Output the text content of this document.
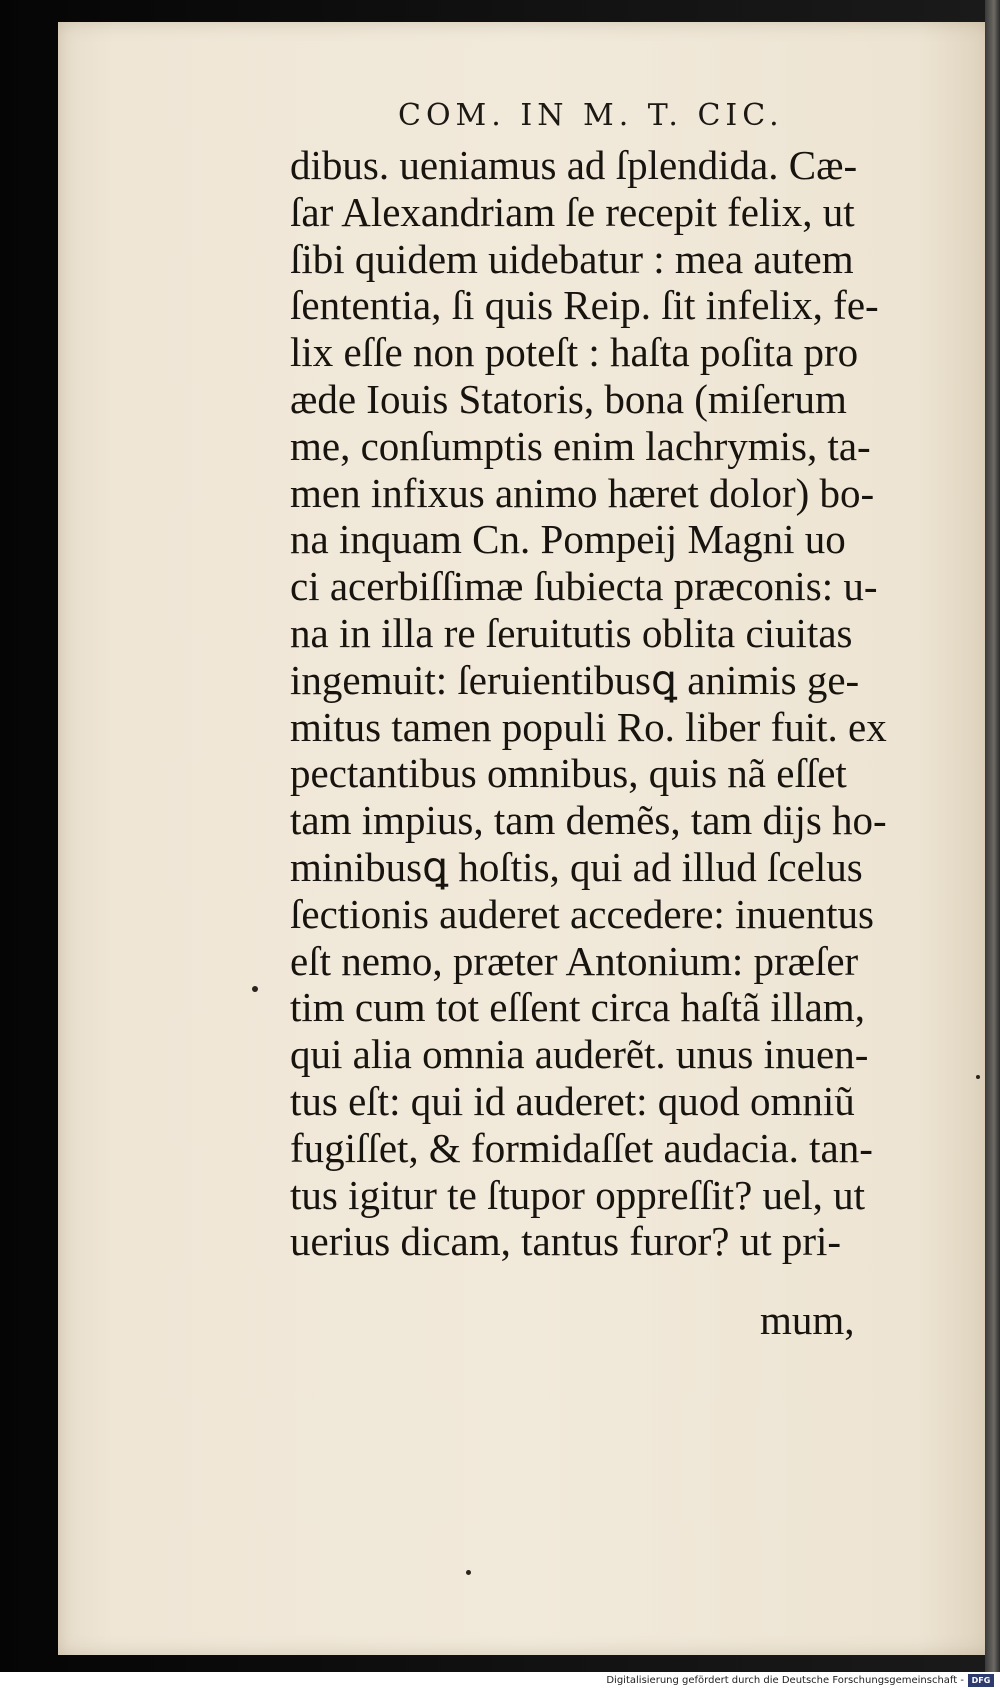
COM. IN M. T. CIC.
dibus. ueniamus ad ſplendida. Cæ-
ſar Alexandriam ſe recepit felix, ut
ſibi quidem uidebatur : mea autem
ſententia, ſi quis Reip. ſit infelix, fe-
lix eſſe non poteſt : haſta poſita pro
æde Iouis Statoris, bona (miſerum
me, conſumptis enim lachrymis, ta-
men infixus animo hæret dolor) bo-
na inquam Cn. Pompeij Magni uo
ci acerbiſſimæ ſubiecta præconis: u-
na in illa re ſeruitutis oblita ciuitas
ingemuit: ſeruientibusꝗ animis ge-
mitus tamen populi Ro. liber fuit. ex
pectantibus omnibus, quis nã eſſet
tam impius, tam demẽs, tam dijs ho-
minibusꝗ hoſtis, qui ad illud ſcelus
ſectionis auderet accedere: inuentus
eſt nemo, præter Antonium: præſer
tim cum tot eſſent circa haſtã illam,
qui alia omnia auderẽt. unus inuen-
tus eſt: qui id auderet: quod omniũ
fugiſſet, & formidaſſet audacia. tan-
tus igitur te ſtupor oppreſſit? uel, ut
uerius dicam, tantus furor? ut pri-
mum,
Digitalisierung gefördert durch die Deutsche Forschungsgemeinschaft - DFG
